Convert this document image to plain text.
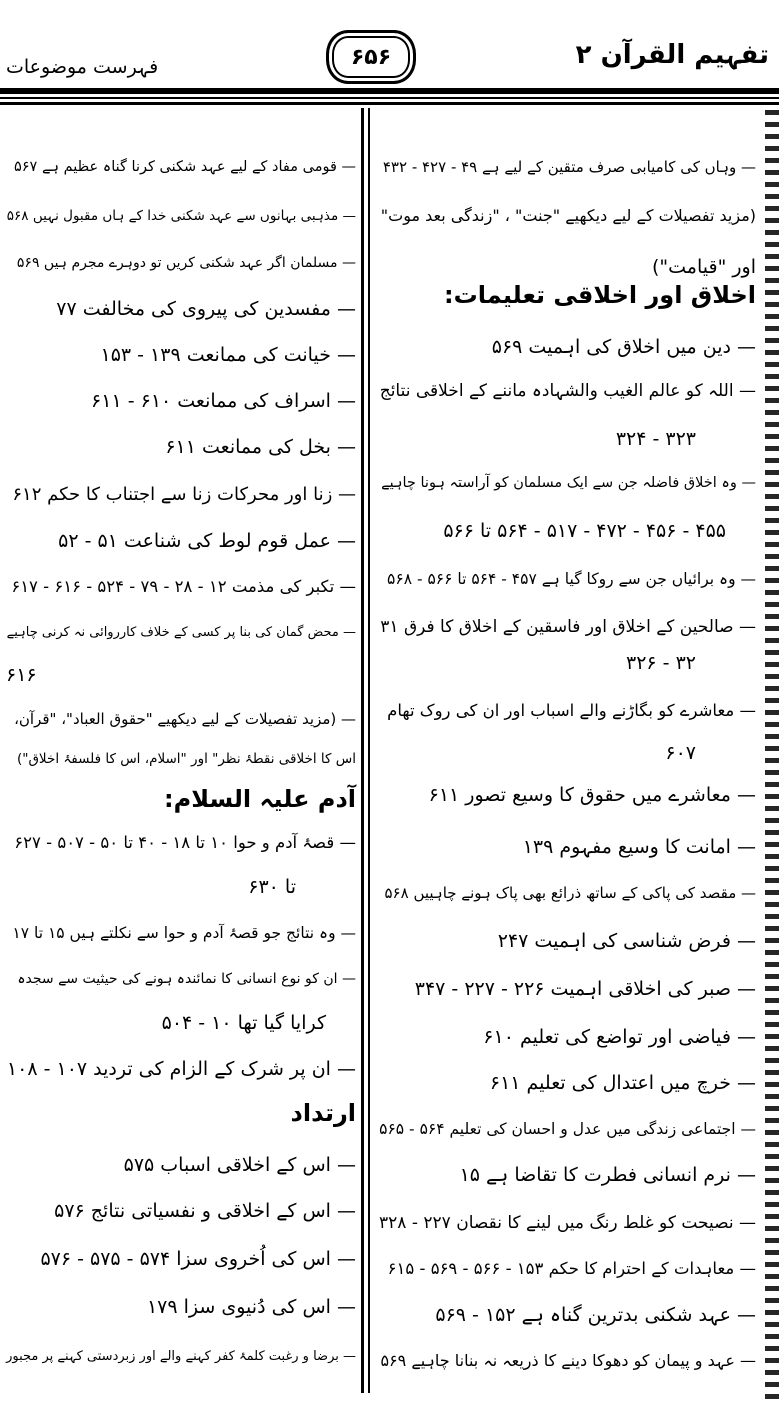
تفہیم القرآن ۲
۶۵۶
فہرست موضوعات
— وہاں کی کامیابی صرف متقین کے لیے ہے ۴۹ - ۴۲۷ - ۴۳۲
(مزید تفصیلات کے لیے دیکھیے "جنت" ، "زندگی بعد موت"
اور "قیامت")
اخلاق اور اخلاقی تعلیمات:
— دین میں اخلاق کی اہمیت ۵۶۹
— اللہ کو عالم الغیب والشہادہ ماننے کے اخلاقی نتائج
۳۲۳ - ۳۲۴
— وہ اخلاق فاضلہ جن سے ایک مسلمان کو آراستہ ہونا چاہیے
۴۵۵ - ۴۵۶ - ۴۷۲ - ۵۱۷ - ۵۶۴ تا ۵۶۶
— وہ برائیاں جن سے روکا گیا ہے ۴۵۷ - ۵۶۴ تا ۵۶۶ - ۵۶۸
— صالحین کے اخلاق اور فاسقین کے اخلاق کا فرق ۳۱
۳۲ - ۳۲۶
— معاشرے کو بگاڑنے والے اسباب اور ان کی روک تھام
۶۰۷
— معاشرے میں حقوق کا وسیع تصور ۶۱۱
— امانت کا وسیع مفہوم ۱۳۹
— مقصد کی پاکی کے ساتھ ذرائع بھی پاک ہونے چاہییں ۵۶۸
— فرض شناسی کی اہمیت ۲۴۷
— صبر کی اخلاقی اہمیت ۲۲۶ - ۲۲۷ - ۳۴۷
— فیاضی اور تواضع کی تعلیم ۶۱۰
— خرچ میں اعتدال کی تعلیم ۶۱۱
— اجتماعی زندگی میں عدل و احسان کی تعلیم ۵۶۴ - ۵۶۵
— نرم انسانی فطرت کا تقاضا ہے ۱۵
— نصیحت کو غلط رنگ میں لینے کا نقصان ۲۲۷ - ۳۲۸
— معاہدات کے احترام کا حکم ۱۵۳ - ۵۶۶ - ۵۶۹ - ۶۱۵
— عہد شکنی بدترین گناہ ہے ۱۵۲ - ۵۶۹
— عہد و پیمان کو دھوکا دینے کا ذریعہ نہ بنانا چاہیے ۵۶۹
— قومی مفاد کے لیے عہد شکنی کرنا گناہ عظیم ہے ۵۶۷
— مذہبی بہانوں سے عہد شکنی خدا کے ہاں مقبول نہیں ۵۶۸
— مسلمان اگر عہد شکنی کریں تو دوہرے مجرم ہیں ۵۶۹
— مفسدین کی پیروی کی مخالفت ۷۷
— خیانت کی ممانعت ۱۳۹ - ۱۵۳
— اسراف کی ممانعت ۶۱۰ - ۶۱۱
— بخل کی ممانعت ۶۱۱
— زنا اور محرکات زنا سے اجتناب کا حکم ۶۱۲
— عمل قوم لوط کی شناعت ۵۱ - ۵۲
— تکبر کی مذمت ۱۲ - ۲۸ - ۷۹ - ۵۲۴ - ۶۱۶ - ۶۱۷
— محض گمان کی بنا پر کسی کے خلاف کارروائی نہ کرنی چاہیے
۶۱۶
— (مزید تفصیلات کے لیے دیکھیے "حقوق العباد"، "قرآن،
اس کا اخلاقی نقطۂ نظر" اور "اسلام، اس کا فلسفۂ اخلاق")
آدم علیہ السلام:
— قصۂ آدم و حوا ۱۰ تا ۱۸ - ۴۰ تا ۵۰ - ۵۰۷ - ۶۲۷
تا ۶۳۰
— وہ نتائج جو قصۂ آدم و حوا سے نکلتے ہیں ۱۵ تا ۱۷
— ان کو نوع انسانی کا نمائندہ ہونے کی حیثیت سے سجدہ
کرایا گیا تھا ۱۰ - ۵۰۴
— ان پر شرک کے الزام کی تردید ۱۰۷ - ۱۰۸
ارتداد
— اس کے اخلاقی اسباب ۵۷۵
— اس کے اخلاقی و نفسیاتی نتائج ۵۷۶
— اس کی اُخروی سزا ۵۷۴ - ۵۷۵ - ۵۷۶
— اس کی دُنیوی سزا ۱۷۹
— برضا و رغبت کلمۂ کفر کہنے والے اور زبردستی کہنے پر مجبور
